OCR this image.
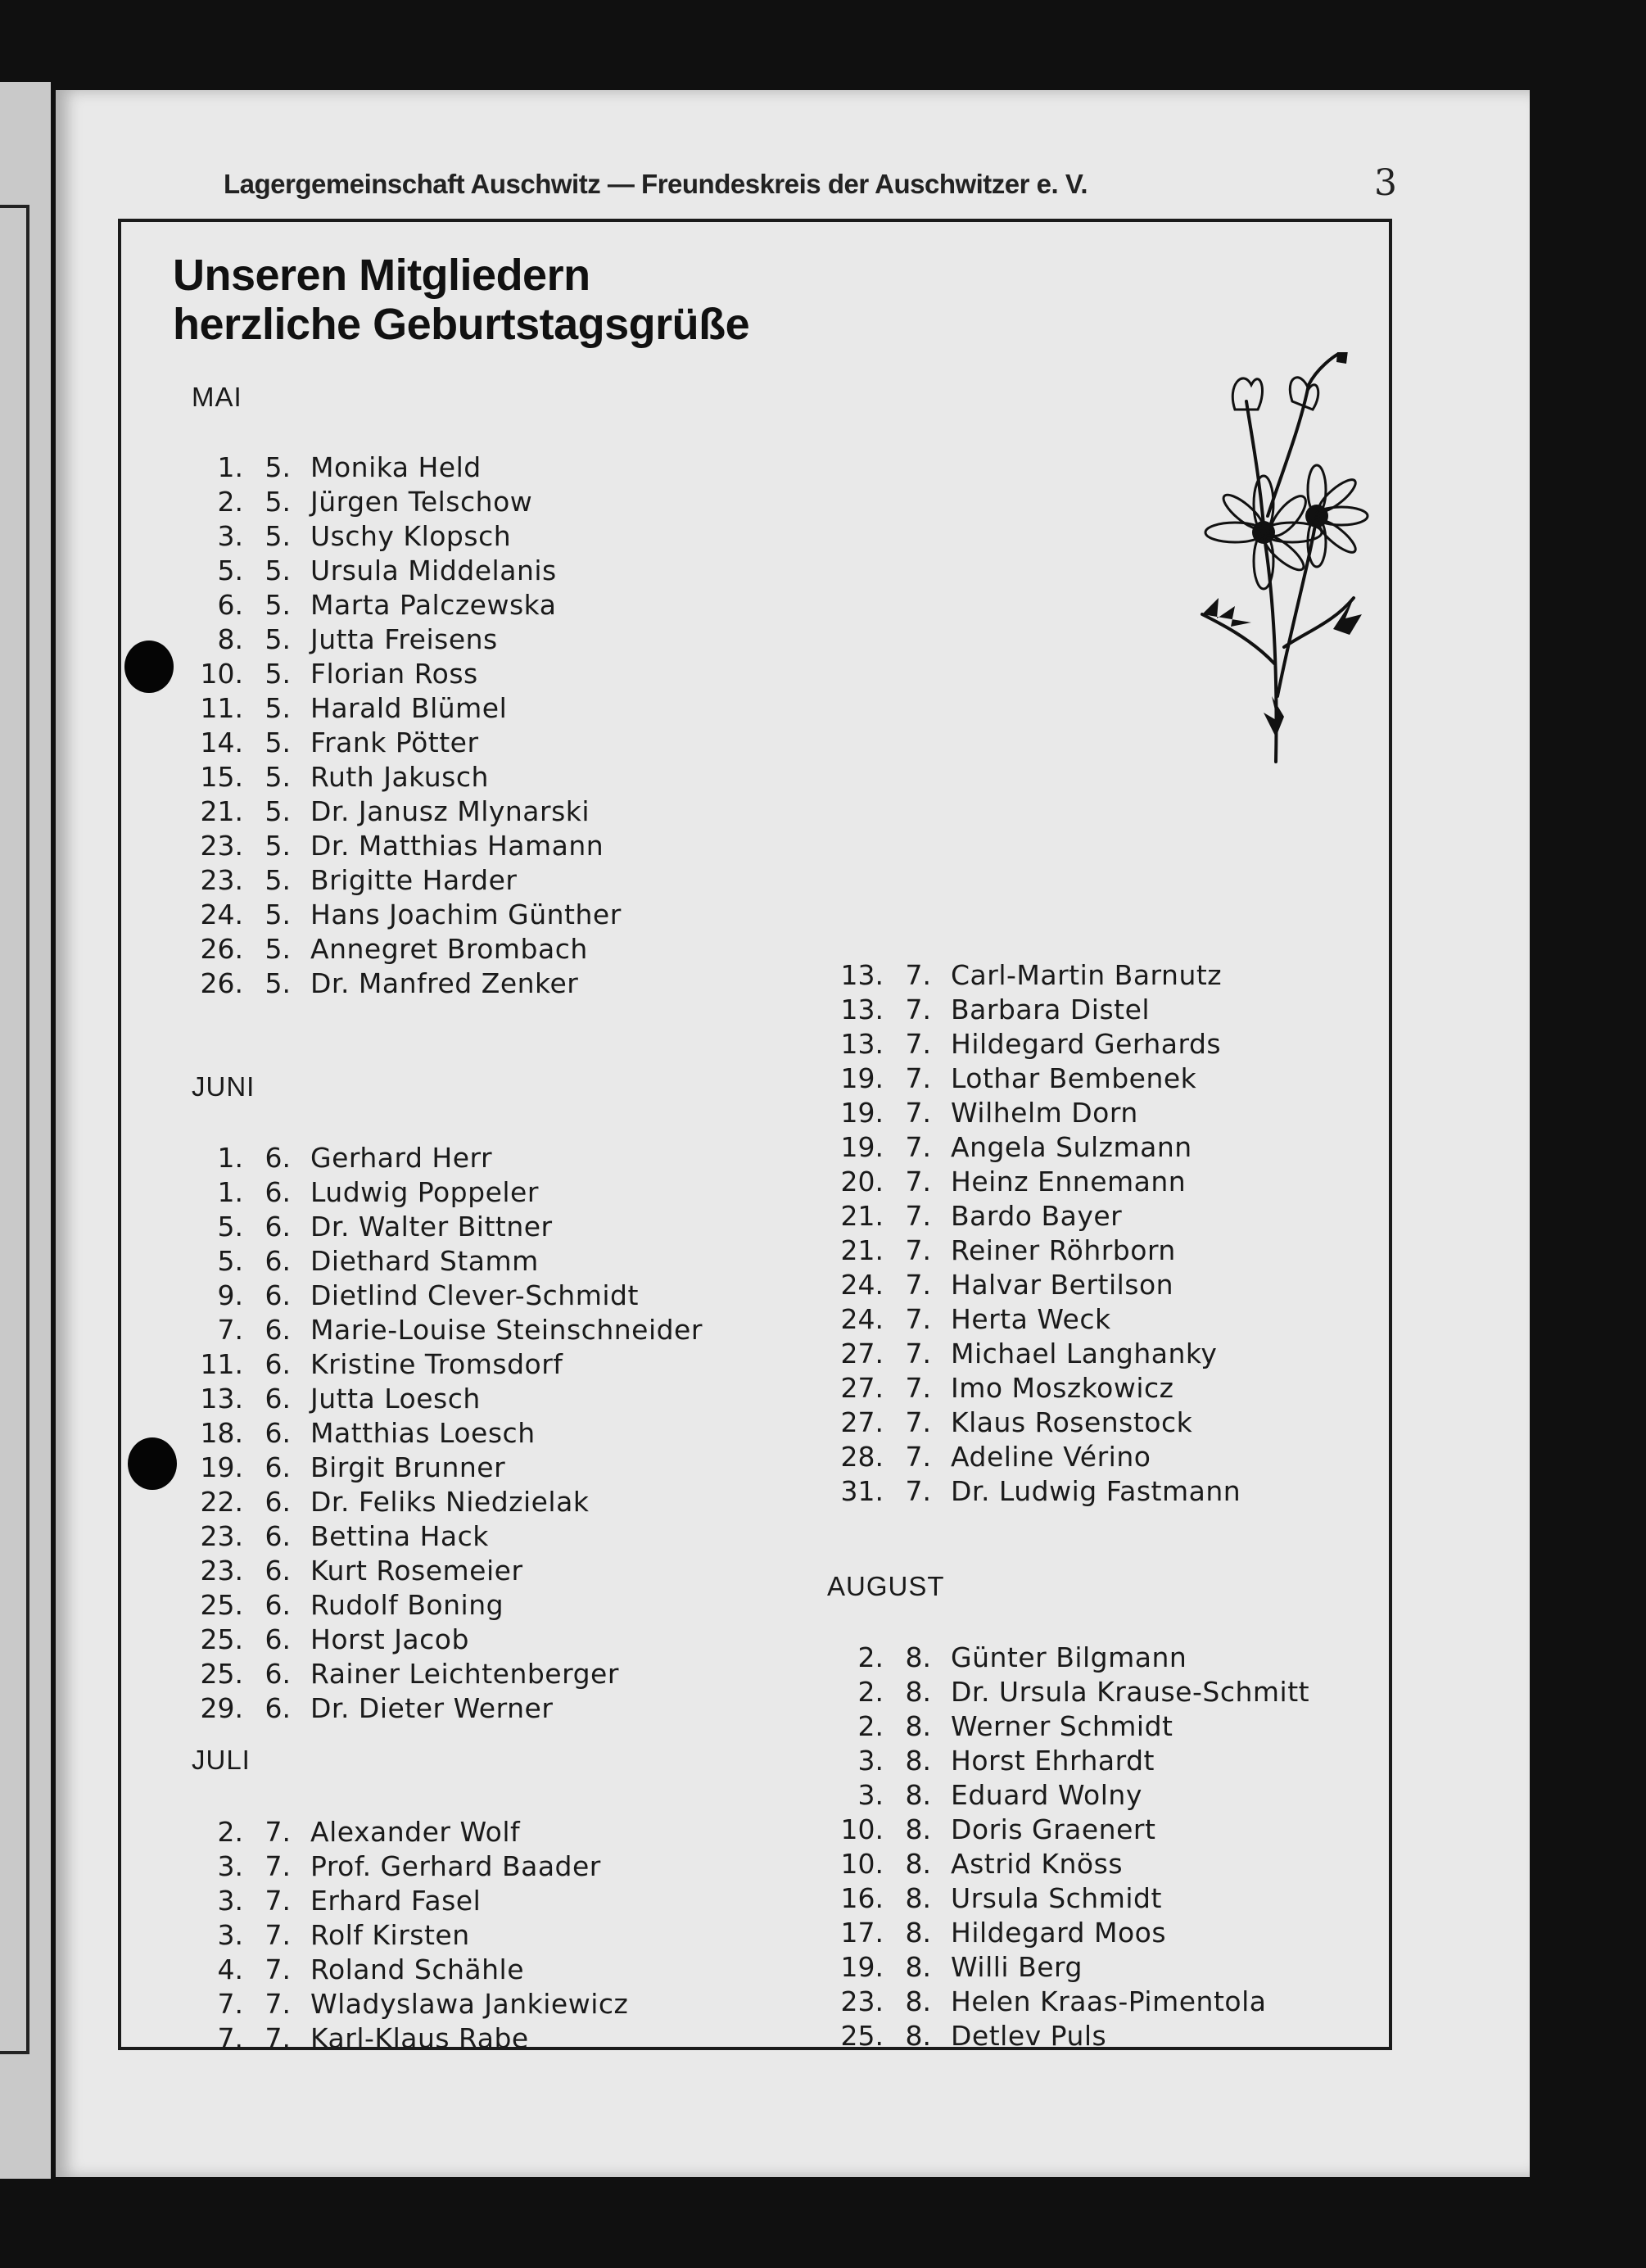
Lagergemeinschaft Auschwitz — Freundeskreis der Auschwitzer e. V.	3
Unseren Mitgliedern
herzliche Geburtstagsgrüße
MAI
1. 5. Monika Held
2. 5. Jürgen Telschow
3. 5. Uschy Klopsch
5. 5. Ursula Middelanis
6. 5. Marta Palczewska
8. 5. Jutta Freisens
10. 5. Florian Ross
11. 5. Harald Blümel
14. 5. Frank Pötter
15. 5. Ruth Jakusch
21. 5. Dr. Janusz Mlynarski
23. 5. Dr. Matthias Hamann
23. 5. Brigitte Harder
24. 5. Hans Joachim Günther
26. 5. Annegret Brombach
26. 5. Dr. Manfred Zenker
JUNI
1. 6. Gerhard Herr
1. 6. Ludwig Poppeler
5. 6. Dr. Walter Bittner
5. 6. Diethard Stamm
9. 6. Dietlind Clever-Schmidt
7. 6. Marie-Louise Steinschneider
11. 6. Kristine Tromsdorf
13. 6. Jutta Loesch
18. 6. Matthias Loesch
19. 6. Birgit Brunner
22. 6. Dr. Feliks Niedzielak
23. 6. Bettina Hack
23. 6. Kurt Rosemeier
25. 6. Rudolf Boning
25. 6. Horst Jacob
25. 6. Rainer Leichtenberger
29. 6. Dr. Dieter Werner
JULI
2. 7. Alexander Wolf
3. 7. Prof. Gerhard Baader
3. 7. Erhard Fasel
3. 7. Rolf Kirsten
4. 7. Roland Schähle
7. 7. Wladyslawa Jankiewicz
7. 7. Karl-Klaus Rabe
13. 7. Carl-Martin Barnutz
13. 7. Barbara Distel
13. 7. Hildegard Gerhards
19. 7. Lothar Bembenek
19. 7. Wilhelm Dorn
19. 7. Angela Sulzmann
20. 7. Heinz Ennemann
21. 7. Bardo Bayer
21. 7. Reiner Röhrborn
24. 7. Halvar Bertilson
24. 7. Herta Weck
27. 7. Michael Langhanky
27. 7. Imo Moszkowicz
27. 7. Klaus Rosenstock
28. 7. Adeline Vérino
31. 7. Dr. Ludwig Fastmann
AUGUST
2. 8. Günter Bilgmann
2. 8. Dr. Ursula Krause-Schmitt
2. 8. Werner Schmidt
3. 8. Horst Ehrhardt
3. 8. Eduard Wolny
10. 8. Doris Graenert
10. 8. Astrid Knöss
16. 8. Ursula Schmidt
17. 8. Hildegard Moos
19. 8. Willi Berg
23. 8. Helen Kraas-Pimentola
25. 8. Detlev Puls
